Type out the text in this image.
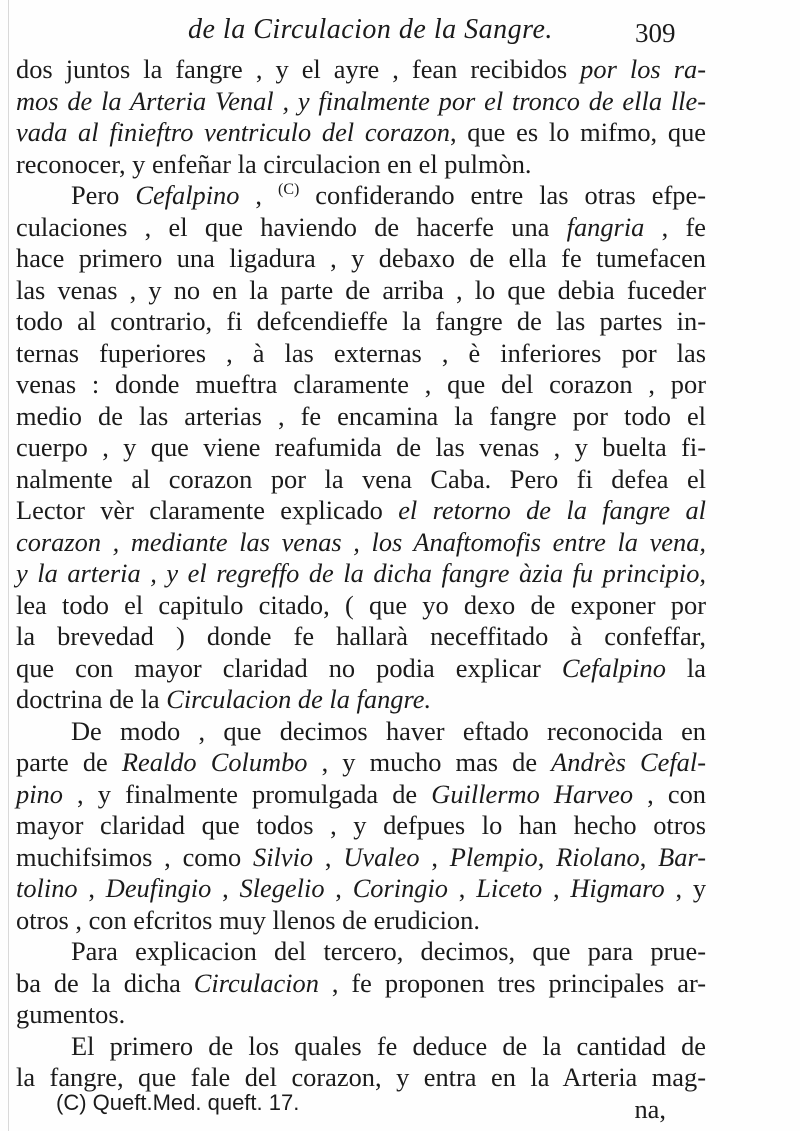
de la Circulacion de la Sangre.	309
dos juntos la fangre , y el ayre , fean recibidos por los ra-
mos de la Arteria Venal , y finalmente por el tronco de ella lle-
vada al finieftro ventriculo del corazon, que es lo mifmo, que
reconocer, y enfeñar la circulacion en el pulmòn.
Pero Cefalpino , $^{(C)}$ confiderando entre las otras efpe-
culaciones , el que haviendo de hacerfe una fangria , fe
hace primero una ligadura , y debaxo de ella fe tumefacen
las venas , y no en la parte de arriba , lo que debia fuceder
todo al contrario, fi defcendieffe la fangre de las partes in-
ternas fuperiores , à las externas , è inferiores por las
venas : donde mueftra claramente , que del corazon , por
medio de las arterias , fe encamina la fangre por todo el
cuerpo , y que viene reafumida de las venas , y buelta fi-
nalmente al corazon por la vena Caba. Pero fi defea el
Lector vèr claramente explicado el retorno de la fangre al
corazon , mediante las venas , los Anaftomofis entre la vena,
y la arteria , y el regreffo de la dicha fangre àzia fu principio,
lea todo el capitulo citado, ( que yo dexo de exponer por
la brevedad ) donde fe hallarà neceffitado à confeffar,
que con mayor claridad no podia explicar Cefalpino la
doctrina de la Circulacion de la fangre.
De modo , que decimos haver eftado reconocida en
parte de Realdo Columbo , y mucho mas de Andrès Cefal-
pino , y finalmente promulgada de Guillermo Harveo , con
mayor claridad que todos , y defpues lo han hecho otros
muchifsimos , como Silvio , Uvaleo , Plempio, Riolano, Bar-
tolino , Deufingio , Slegelio , Coringio , Liceto , Higmaro , y
otros , con efcritos muy llenos de erudicion.
Para explicacion del tercero, decimos, que para prue-
ba de la dicha Circulacion , fe proponen tres principales ar-
gumentos.
El primero de los quales fe deduce de la cantidad de
la fangre, que fale del corazon, y entra en la Arteria mag-
na,
(C) Queft.Med. queft. 17.
